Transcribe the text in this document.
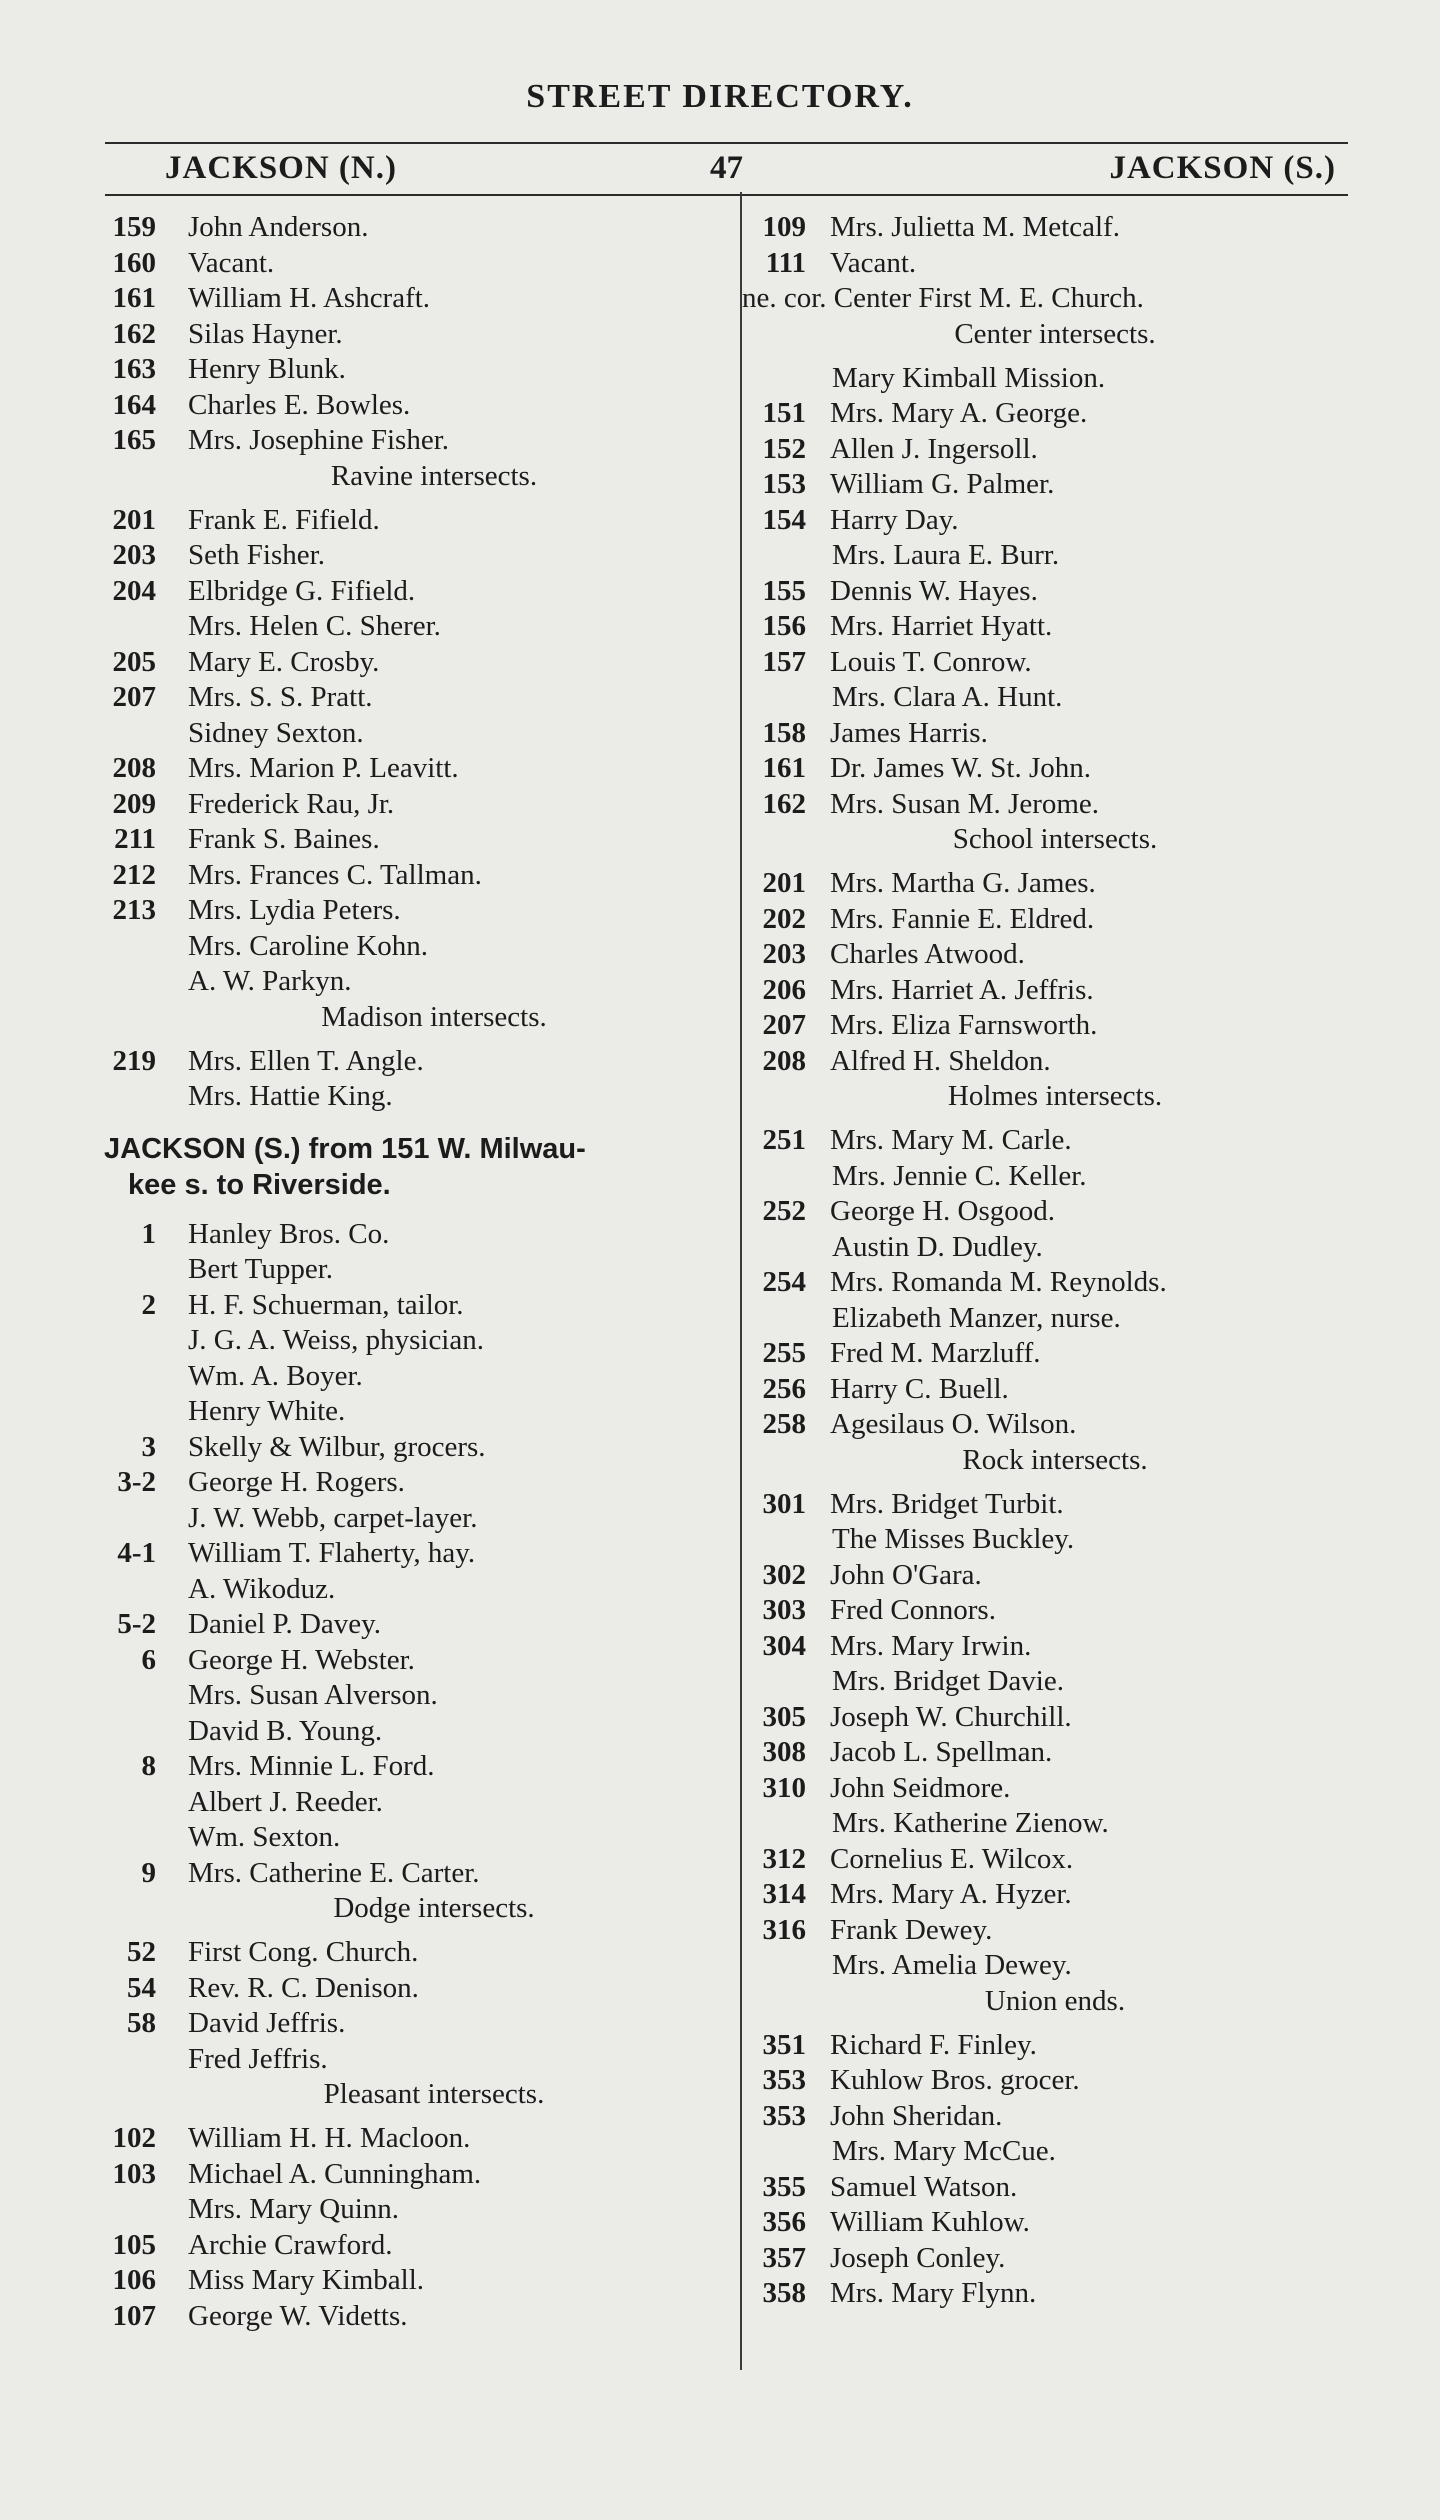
STREET DIRECTORY.
JACKSON (N.)	47	JACKSON (S.)
159 John Anderson.
160 Vacant.
161 William H. Ashcraft.
162 Silas Hayner.
163 Henry Blunk.
164 Charles E. Bowles.
165 Mrs. Josephine Fisher.
Ravine intersects.
201 Frank E. Fifield.
203 Seth Fisher.
204 Elbridge G. Fifield.
Mrs. Helen C. Sherer.
205 Mary E. Crosby.
207 Mrs. S. S. Pratt.
Sidney Sexton.
208 Mrs. Marion P. Leavitt.
209 Frederick Rau, Jr.
211 Frank S. Baines.
212 Mrs. Frances C. Tallman.
213 Mrs. Lydia Peters.
Mrs. Caroline Kohn.
A. W. Parkyn.
Madison intersects.
219 Mrs. Ellen T. Angle.
Mrs. Hattie King.
JACKSON (S.) from 151 W. Milwau-
kee s. to Riverside.
1 Hanley Bros. Co.
Bert Tupper.
2 H. F. Schuerman, tailor.
J. G. A. Weiss, physician.
Wm. A. Boyer.
Henry White.
3 Skelly & Wilbur, grocers.
3-2 George H. Rogers.
J. W. Webb, carpet-layer.
4-1 William T. Flaherty, hay.
A. Wikoduz.
5-2 Daniel P. Davey.
6 George H. Webster.
Mrs. Susan Alverson.
David B. Young.
8 Mrs. Minnie L. Ford.
Albert J. Reeder.
Wm. Sexton.
9 Mrs. Catherine E. Carter.
Dodge intersects.
52 First Cong. Church.
54 Rev. R. C. Denison.
58 David Jeffris.
Fred Jeffris.
Pleasant intersects.
102 William H. H. Macloon.
103 Michael A. Cunningham.
Mrs. Mary Quinn.
105 Archie Crawford.
106 Miss Mary Kimball.
107 George W. Videtts.
109 Mrs. Julietta M. Metcalf.
111 Vacant.
ne. cor. Center First M. E. Church.
Center intersects.
Mary Kimball Mission.
151 Mrs. Mary A. George.
152 Allen J. Ingersoll.
153 William G. Palmer.
154 Harry Day.
Mrs. Laura E. Burr.
155 Dennis W. Hayes.
156 Mrs. Harriet Hyatt.
157 Louis T. Conrow.
Mrs. Clara A. Hunt.
158 James Harris.
161 Dr. James W. St. John.
162 Mrs. Susan M. Jerome.
School intersects.
201 Mrs. Martha G. James.
202 Mrs. Fannie E. Eldred.
203 Charles Atwood.
206 Mrs. Harriet A. Jeffris.
207 Mrs. Eliza Farnsworth.
208 Alfred H. Sheldon.
Holmes intersects.
251 Mrs. Mary M. Carle.
Mrs. Jennie C. Keller.
252 George H. Osgood.
Austin D. Dudley.
254 Mrs. Romanda M. Reynolds.
Elizabeth Manzer, nurse.
255 Fred M. Marzluff.
256 Harry C. Buell.
258 Agesilaus O. Wilson.
Rock intersects.
301 Mrs. Bridget Turbit.
The Misses Buckley.
302 John O'Gara.
303 Fred Connors.
304 Mrs. Mary Irwin.
Mrs. Bridget Davie.
305 Joseph W. Churchill.
308 Jacob L. Spellman.
310 John Seidmore.
Mrs. Katherine Zienow.
312 Cornelius E. Wilcox.
314 Mrs. Mary A. Hyzer.
316 Frank Dewey.
Mrs. Amelia Dewey.
Union ends.
351 Richard F. Finley.
353 Kuhlow Bros. grocer.
353 John Sheridan.
Mrs. Mary McCue.
355 Samuel Watson.
356 William Kuhlow.
357 Joseph Conley.
358 Mrs. Mary Flynn.
